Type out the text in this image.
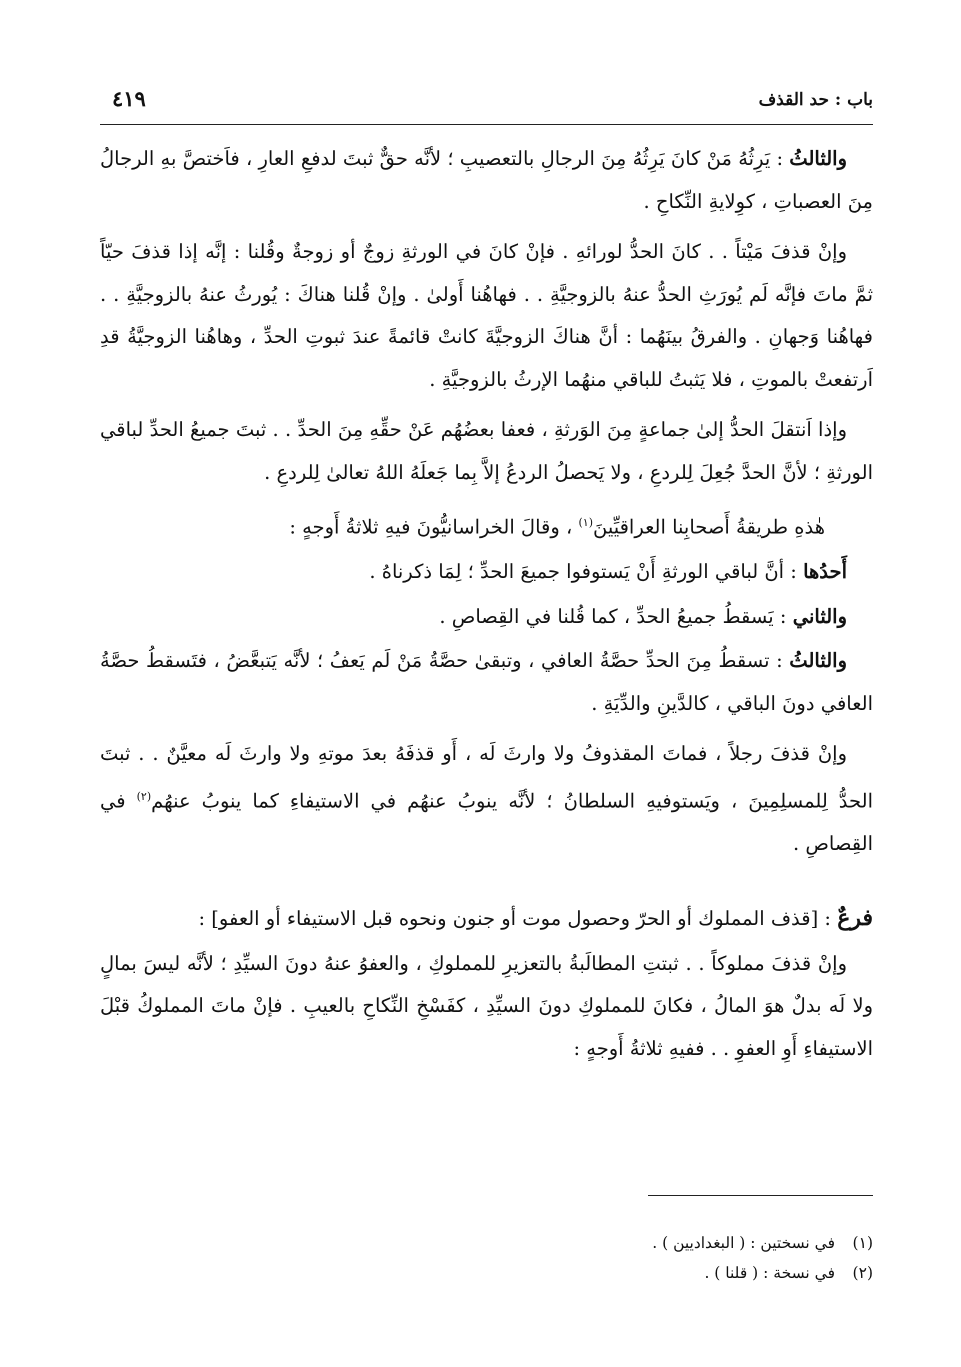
باب : حد القذف
٤١٩

والثالثُ : يَرِثُهُ مَنْ كانَ يَرِثُهُ مِنَ الرجالِ بالتعصيبِ ؛ لأنَّه حقٌّ ثبتَ لدفعِ العارِ ، فاَختصَّ بهِ الرجالُ مِنَ العصباتِ ، كوِلايةِ النِّكاحِ .

وإنْ قذفَ مَيْتاً . . كانَ الحدُّ لورائهِ . فإنْ كانَ في الورثةِ زوجٌ أو زوجةٌ وقُلنا : إنَّه إذا قذفَ حيّاً ثمَّ ماتَ فإنَّه لَم يُورَثِ الحدُّ عنهُ بالزوجيَّةِ . . فهاهُنا أَولىٰ . وإنْ قُلنا هناكَ : يُورثُ عنهُ بالزوجيَّةِ . . فهاهُنا وَجهانِ . والفرقُ بينَهُما : أنَّ هناكَ الزوجيَّةَ كانتْ قائمةً عندَ ثبوتِ الحدِّ ، وهاهُنا الزوجيَّةُ قدِ اَرتفعتْ بالموتِ ، فلا يَثبتُ للباقي منهُما الإرثُ بالزوجيَّةِ .

وإذا اَنتقلَ الحدُّ إلىٰ جماعةٍ مِنَ الوَرثةِ ، فعفا بعضُهُم عَنْ حقِّهِ مِنَ الحدِّ . . ثبتَ جميعُ الحدِّ لباقي الورثةِ ؛ لأنَّ الحدَّ جُعِلَ لِلردعِ ، ولا يَحصلُ الردعُ إلاَّ بِما جَعلَهُ اللهُ تعالىٰ لِلردعِ .

هٰذهِ طريقةُ أَصحابِنا العراقيِّينَ$^{(١)}$ ، وقالَ الخراسانيُّونَ فيهِ ثلاثةُ أَوجهٍ :

أَحدُها : أنَّ لباقي الورثةِ أَنْ يَستوفوا جميعَ الحدِّ ؛ لِمَا ذكرناهُ .

والثاني : يَسقطُ جميعُ الحدِّ ، كما قُلنا في القِصاصِ .

والثالثُ : تسقطُ مِنَ الحدِّ حصَّةُ العافي ، وتبقىٰ حصَّةُ مَنْ لَم يَعفُ ؛ لأنَّه يَتبعَّضُ ، فتَسقطُ حصَّةُ العافي دونَ الباقي ، كالدَّينِ والدِّيَةِ .

وإنْ قذفَ رجلاً ، فماتَ المقذوفُ ولا وارثَ لَه ، أَو قذفَهُ بعدَ موتهِ ولا وارثَ لَه معيَّنٌ . . ثبتَ الحدُّ لِلمسلِمِينَ ، ويَستوفيهِ السلطانُ ؛ لأنَّه ينوبُ عنهُم في الاستيفاءِ كما ينوبُ عنهُم$^{(٢)}$ في القِصاصِ .

فرعٌ : [قذف المملوك أو الحرّ وحصول موت أو جنون ونحوه قبل الاستيفاء أو العفو] :

وإنْ قذفَ مملوكاً . . ثبتتِ المطالَبةُ بالتعزيرِ للمملوكِ ، والعفوُ عنهُ دونَ السيِّدِ ؛ لأنَّه ليسَ بمالٍ ولا لَه بدلٌ هوَ المالُ ، فكانَ للمملوكِ دونَ السيِّدِ ، كفَسْخِ النِّكاحِ بالعيبِ . فإنْ ماتَ المملوكُ قبْلَ الاستيفاءِ أَوِ العفوِ . . ففيهِ ثلاثةُ أَوجهٍ :

(١)في نسختين : ( البغداديين ) .
(٢)في نسخة : ( قلنا ) .
